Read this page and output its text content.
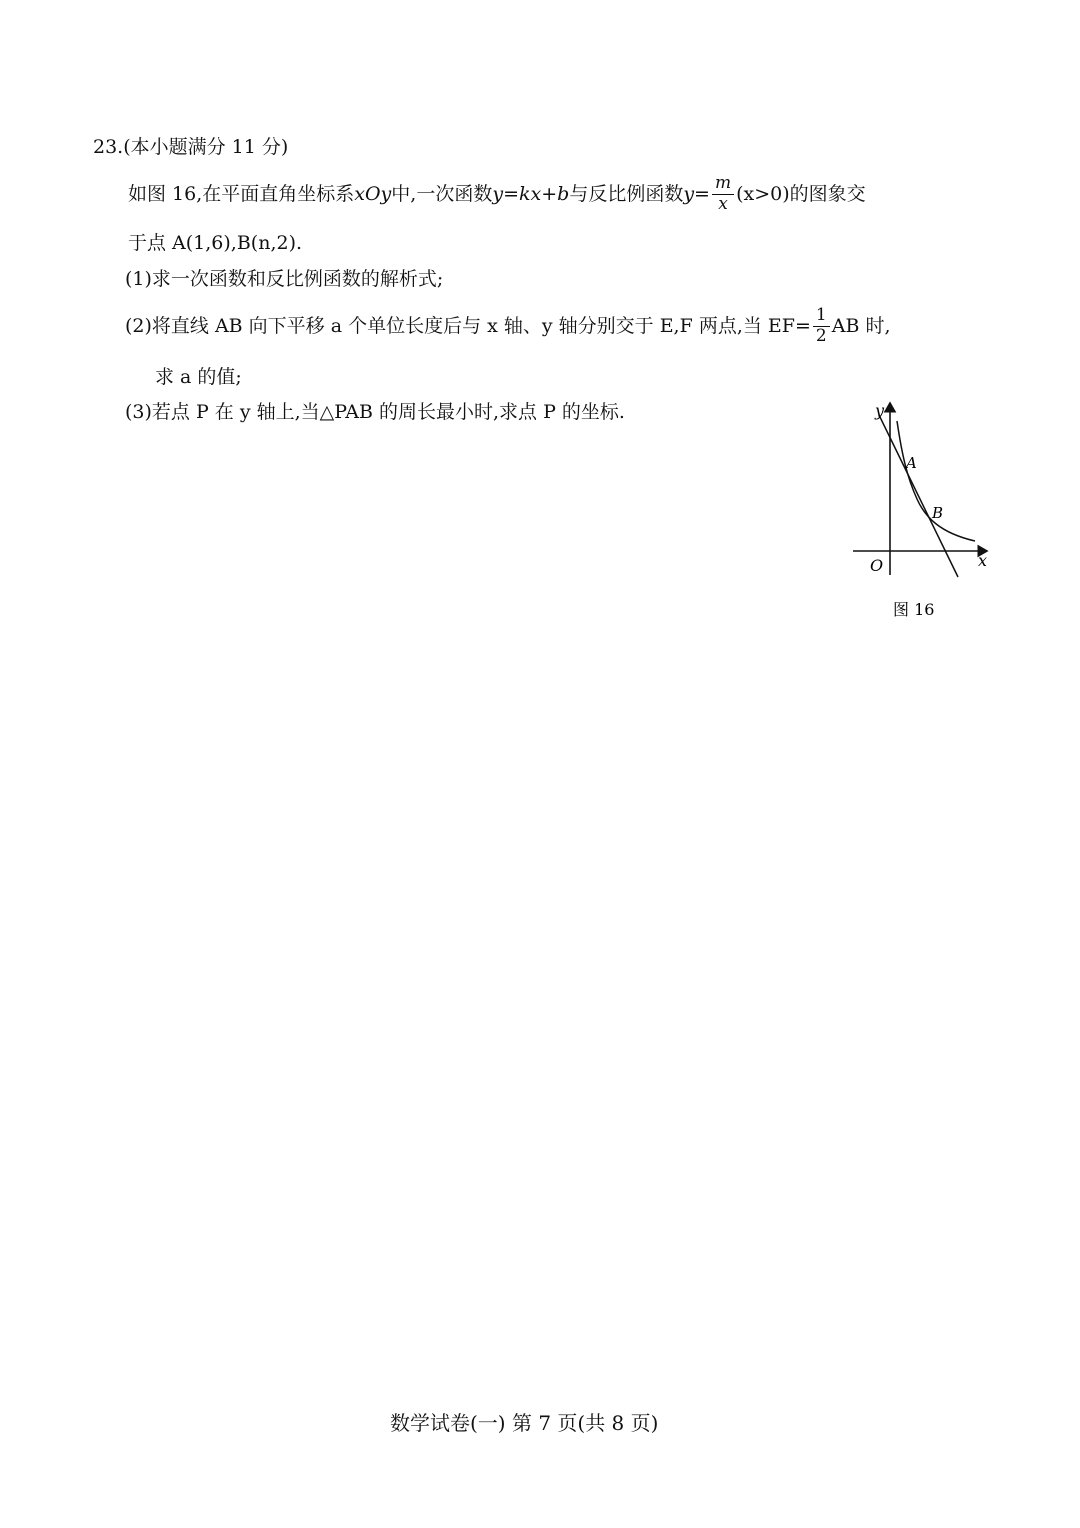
23.(本小题满分 11 分)
如图 16,在平面直角坐标系 xOy 中,一次函数 y=kx+b 与反比例函数 $y= \frac{m}{x} (x>0)$ 的图象交
于点 A(1,6),B(n,2).
(1)求一次函数和反比例函数的解析式;
(2)将直线 AB 向下平移 a 个单位长度后与 x 轴、y 轴分别交于 E,F 两点,当 $EF= \frac{1}{2}$ AB 时,
求 a 的值;
(3)若点 P 在 y 轴上,当△PAB 的周长最小时,求点 P 的坐标.	y
x
O
A
B
图 16
数学试卷(一) 第 7 页(共 8 页)
